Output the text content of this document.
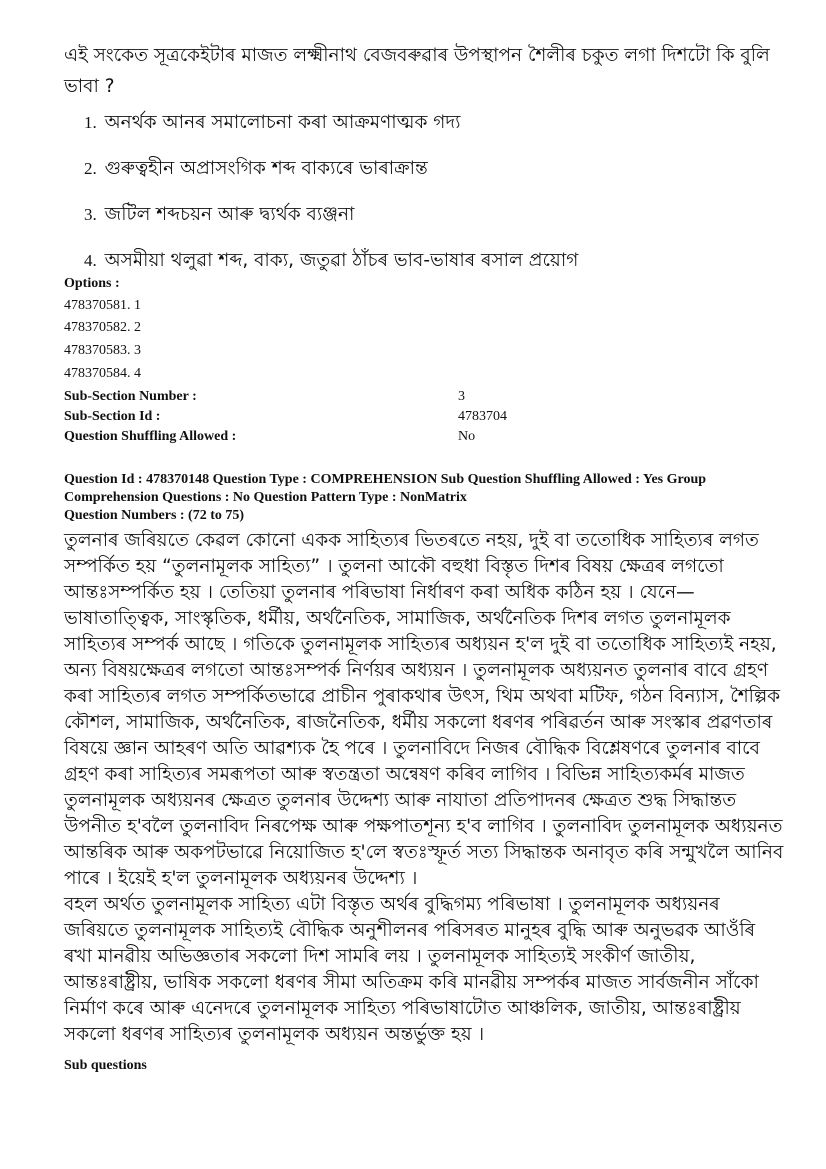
এই সংকেত সূত্ৰকেইটাৰ মাজত লক্ষ্মীনাথ বেজবৰুৱাৰ উপস্থাপন শৈলীৰ চকুত লগা দিশটো কি বুলি ভাবা ?
1. অনৰ্থক আনৰ সমালোচনা কৰা আক্ৰমণাত্মক গদ্য
2. গুৰুত্বহীন অপ্ৰাসংগিক শব্দ বাক্যৰে ভাৰাক্ৰান্ত
3. জটিল শব্দচয়ন আৰু দ্ব্যৰ্থক ব্যঞ্জনা
4. অসমীয়া থলুৱা শব্দ, বাক্য, জতুৱা ঠাঁচৰ ভাব-ভাষাৰ ৰসাল প্ৰয়োগ
Options :
478370581. 1
478370582. 2
478370583. 3
478370584. 4
Sub-Section Number :	3
Sub-Section Id :	4783704
Question Shuffling Allowed :	No
Question Id : 478370148 Question Type : COMPREHENSION Sub Question Shuffling Allowed : Yes Group Comprehension Questions : No Question Pattern Type : NonMatrix
Question Numbers : (72 to 75)

তুলনাৰ জৰিয়তে কেৱল কোনো একক সাহিত্যৰ ভিতৰতে নহয়, দুই বা ততোধিক সাহিত্যৰ লগত সম্পৰ্কিত হয় “তুলনামূলক সাহিত্য” । তুলনা আকৌ বহুধা বিস্তৃত দিশৰ বিষয় ক্ষেত্ৰৰ লগতো আন্তঃসম্পৰ্কিত হয় । তেতিয়া তুলনাৰ পৰিভাষা নিৰ্ধাৰণ কৰা অধিক কঠিন হয় । যেনে— ভাষাতাত্ত্বিক, সাংস্কৃতিক, ধৰ্মীয়, অৰ্থনৈতিক, সামাজিক, অৰ্থনৈতিক দিশৰ লগত তুলনামূলক সাহিত্যৰ সম্পৰ্ক আছে । গতিকে তুলনামূলক সাহিত্যৰ অধ্যয়ন হ'ল দুই বা ততোধিক সাহিত্যই নহয়, অন্য বিষয়ক্ষেত্ৰৰ লগতো আন্তঃসম্পৰ্ক নিৰ্ণয়ৰ অধ্যয়ন । তুলনামূলক অধ্যয়নত তুলনাৰ বাবে গ্ৰহণ কৰা সাহিত্যৰ লগত সম্পৰ্কিতভাৱে প্ৰাচীন পুৰাকথাৰ উৎস, থিম অথবা মটিফ, গঠন বিন্যাস, শৈল্পিক কৌশল, সামাজিক, অৰ্থনৈতিক, ৰাজনৈতিক, ধৰ্মীয় সকলো ধৰণৰ পৰিৱৰ্তন আৰু সংস্কাৰ প্ৰৱণতাৰ বিষয়ে জ্ঞান আহৰণ অতি আৱশ্যক হৈ পৰে । তুলনাবিদে নিজৰ বৌদ্ধিক বিশ্লেষণৰে তুলনাৰ বাবে গ্ৰহণ কৰা সাহিত্যৰ সমৰূপতা আৰু স্বতন্ত্ৰতা অন্বেষণ কৰিব লাগিব । বিভিন্ন সাহিত্যকৰ্মৰ মাজত তুলনামূলক অধ্যয়নৰ ক্ষেত্ৰত তুলনাৰ উদ্দেশ্য আৰু নাযাতা প্ৰতিপাদনৰ ক্ষেত্ৰত শুদ্ধ সিদ্ধান্তত উপনীত হ'বলৈ তুলনাবিদ নিৰপেক্ষ আৰু পক্ষপাতশূন্য হ'ব লাগিব । তুলনাবিদ তুলনামূলক অধ্যয়নত আন্তৰিক আৰু অকপটভাৱে নিয়োজিত হ'লে স্বতঃস্ফূৰ্ত সত্য সিদ্ধান্তক অনাবৃত কৰি সন্মুখলৈ আনিব পাৰে । ইয়েই হ'ল তুলনামূলক অধ্যয়নৰ উদ্দেশ্য ।

বহল অৰ্থত তুলনামূলক সাহিত্য এটা বিস্তৃত অৰ্থৰ বুদ্ধিগম্য পৰিভাষা । তুলনামূলক অধ্যয়নৰ জৰিয়তে তুলনামূলক সাহিত্যই বৌদ্ধিক অনুশীলনৰ পৰিসৰত মানুহৰ বুদ্ধি আৰু অনুভৱক আওঁৰি ৰখা মানৱীয় অভিজ্ঞতাৰ সকলো দিশ সামৰি লয় । তুলনামূলক সাহিত্যই সংকীৰ্ণ জাতীয়, আন্তঃৰাষ্ট্ৰীয়, ভাষিক সকলো ধৰণৰ সীমা অতিক্ৰম কৰি মানৱীয় সম্পৰ্কৰ মাজত সাৰ্বজনীন সাঁকো নিৰ্মাণ কৰে আৰু এনেদৰে তুলনামূলক সাহিত্য পৰিভাষাটোত আঞ্চলিক, জাতীয়, আন্তঃৰাষ্ট্ৰীয় সকলো ধৰণৰ সাহিত্যৰ তুলনামূলক অধ্যয়ন অন্তৰ্ভুক্ত হয় ।

Sub questions
